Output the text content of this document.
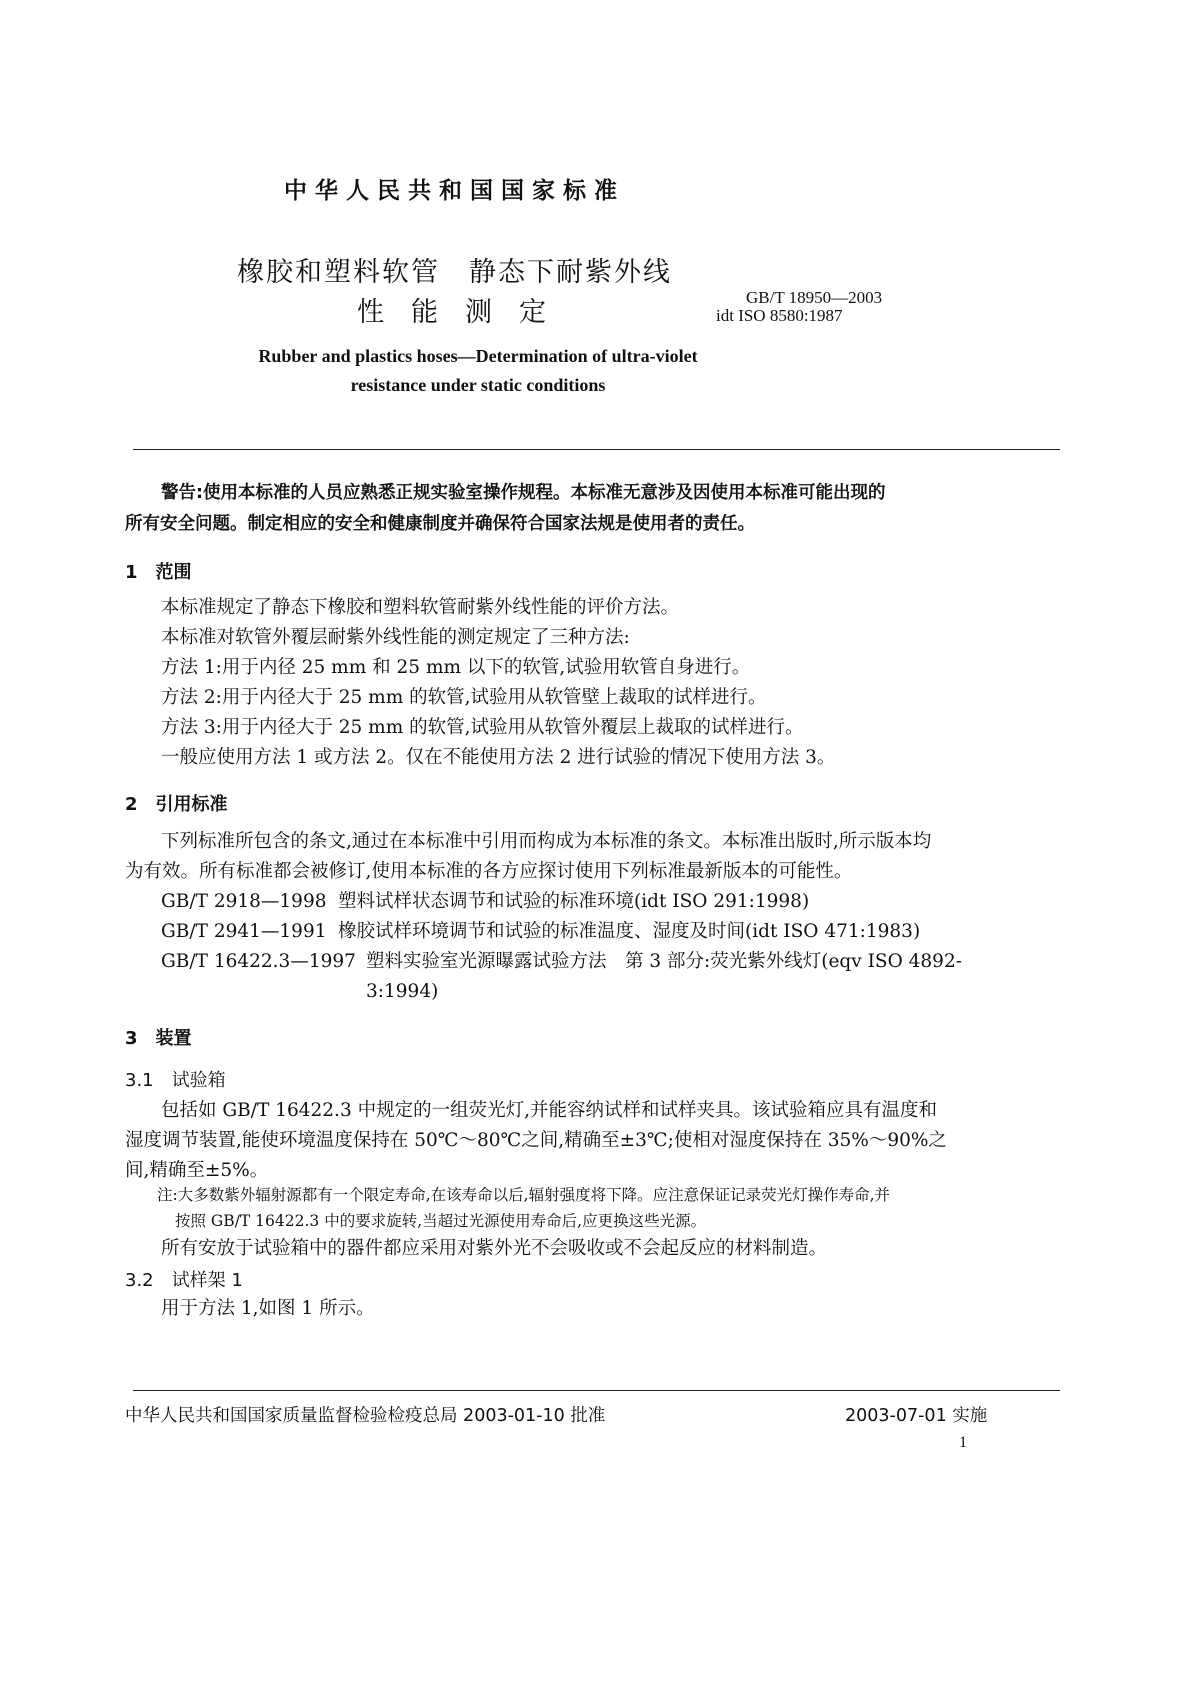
中华人民共和国国家标准
橡胶和塑料软管　静态下耐紫外线
性能测定	GB/T 18950—2003
idt ISO 8580:1987
Rubber and plastics hoses—Determination of ultra-violet
resistance under static conditions
警告:使用本标准的人员应熟悉正规实验室操作规程。本标准无意涉及因使用本标准可能出现的
所有安全问题。制定相应的安全和健康制度并确保符合国家法规是使用者的责任。
1　范围
本标准规定了静态下橡胶和塑料软管耐紫外线性能的评价方法。
本标准对软管外覆层耐紫外线性能的测定规定了三种方法:
方法 1:用于内径 25 mm 和 25 mm 以下的软管,试验用软管自身进行。
方法 2:用于内径大于 25 mm 的软管,试验用从软管壁上裁取的试样进行。
方法 3:用于内径大于 25 mm 的软管,试验用从软管外覆层上裁取的试样进行。
一般应使用方法 1 或方法 2。仅在不能使用方法 2 进行试验的情况下使用方法 3。
2　引用标准
下列标准所包含的条文,通过在本标准中引用而构成为本标准的条文。本标准出版时,所示版本均
为有效。所有标准都会被修订,使用本标准的各方应探讨使用下列标准最新版本的可能性。
GB/T 2918—1998 塑料试样状态调节和试验的标准环境(idt ISO 291:1998)
GB/T 2941—1991 橡胶试样环境调节和试验的标准温度、湿度及时间(idt ISO 471:1983)
GB/T 16422.3—1997 塑料实验室光源曝露试验方法　第 3 部分:荧光紫外线灯(eqv ISO 4892-
3:1994)
3　装置
3.1　试验箱
包括如 GB/T 16422.3 中规定的一组荧光灯,并能容纳试样和试样夹具。该试验箱应具有温度和
湿度调节装置,能使环境温度保持在 50℃～80℃之间,精确至±3℃;使相对湿度保持在 35%～90%之
间,精确至±5%。
注:大多数紫外辐射源都有一个限定寿命,在该寿命以后,辐射强度将下降。应注意保证记录荧光灯操作寿命,并
按照 GB/T 16422.3 中的要求旋转,当超过光源使用寿命后,应更换这些光源。
所有安放于试验箱中的器件都应采用对紫外光不会吸收或不会起反应的材料制造。
3.2　试样架 1
用于方法 1,如图 1 所示。
中华人民共和国国家质量监督检验检疫总局 2003-01-10 批准	2003-07-01 实施
1
